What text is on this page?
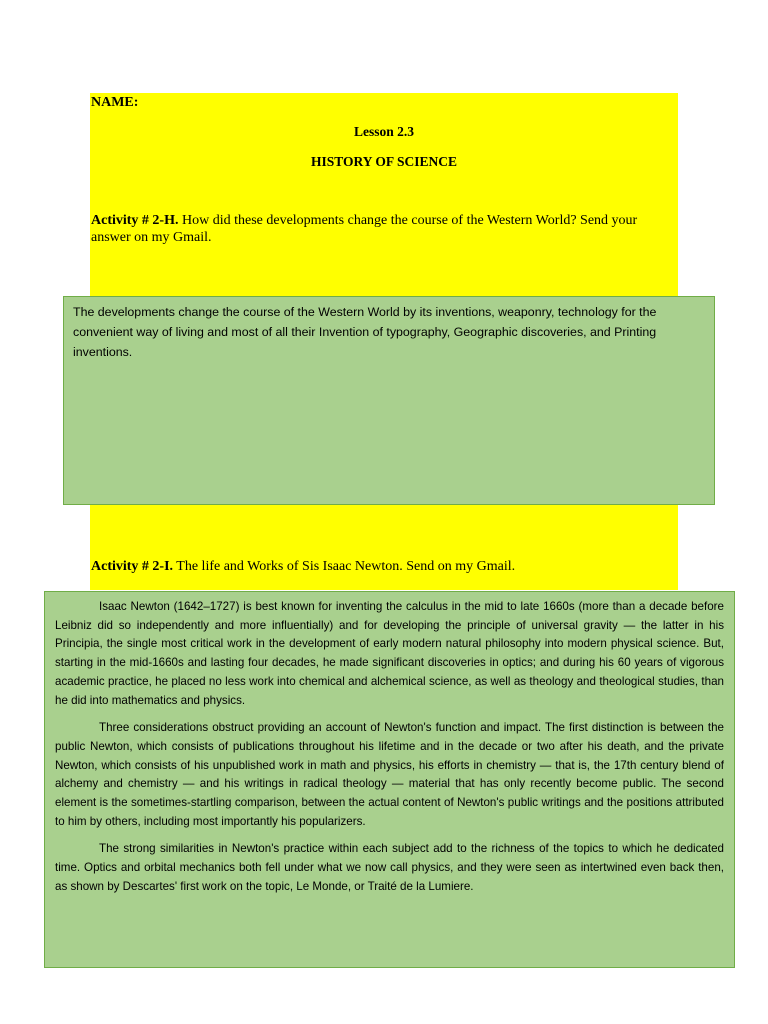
NAME:
Lesson 2.3
HISTORY OF SCIENCE
Activity # 2-H. How did these developments change the course of the Western World? Send your answer on my Gmail.
The developments change the course of the Western World by its inventions, weaponry, technology for the convenient way of living and most of all their Invention of typography, Geographic discoveries, and Printing inventions.
Activity # 2-I. The life and Works of Sis Isaac Newton. Send on my Gmail.

Isaac Newton (1642–1727) is best known for inventing the calculus in the mid to late 1660s (more than a decade before Leibniz did so independently and more influentially) and for developing the principle of universal gravity — the latter in his Principia, the single most critical work in the development of early modern natural philosophy into modern physical science. But, starting in the mid-1660s and lasting four decades, he made significant discoveries in optics; and during his 60 years of vigorous academic practice, he placed no less work into chemical and alchemical science, as well as theology and theological studies, than he did into mathematics and physics.

Three considerations obstruct providing an account of Newton's function and impact. The first distinction is between the public Newton, which consists of publications throughout his lifetime and in the decade or two after his death, and the private Newton, which consists of his unpublished work in math and physics, his efforts in chemistry — that is, the 17th century blend of alchemy and chemistry — and his writings in radical theology — material that has only recently become public. The second element is the sometimes-startling comparison, between the actual content of Newton's public writings and the positions attributed to him by others, including most importantly his popularizers.

The strong similarities in Newton's practice within each subject add to the richness of the topics to which he dedicated time. Optics and orbital mechanics both fell under what we now call physics, and they were seen as intertwined even back then, as shown by Descartes' first work on the topic, Le Monde, or Traité de la Lumiere.
